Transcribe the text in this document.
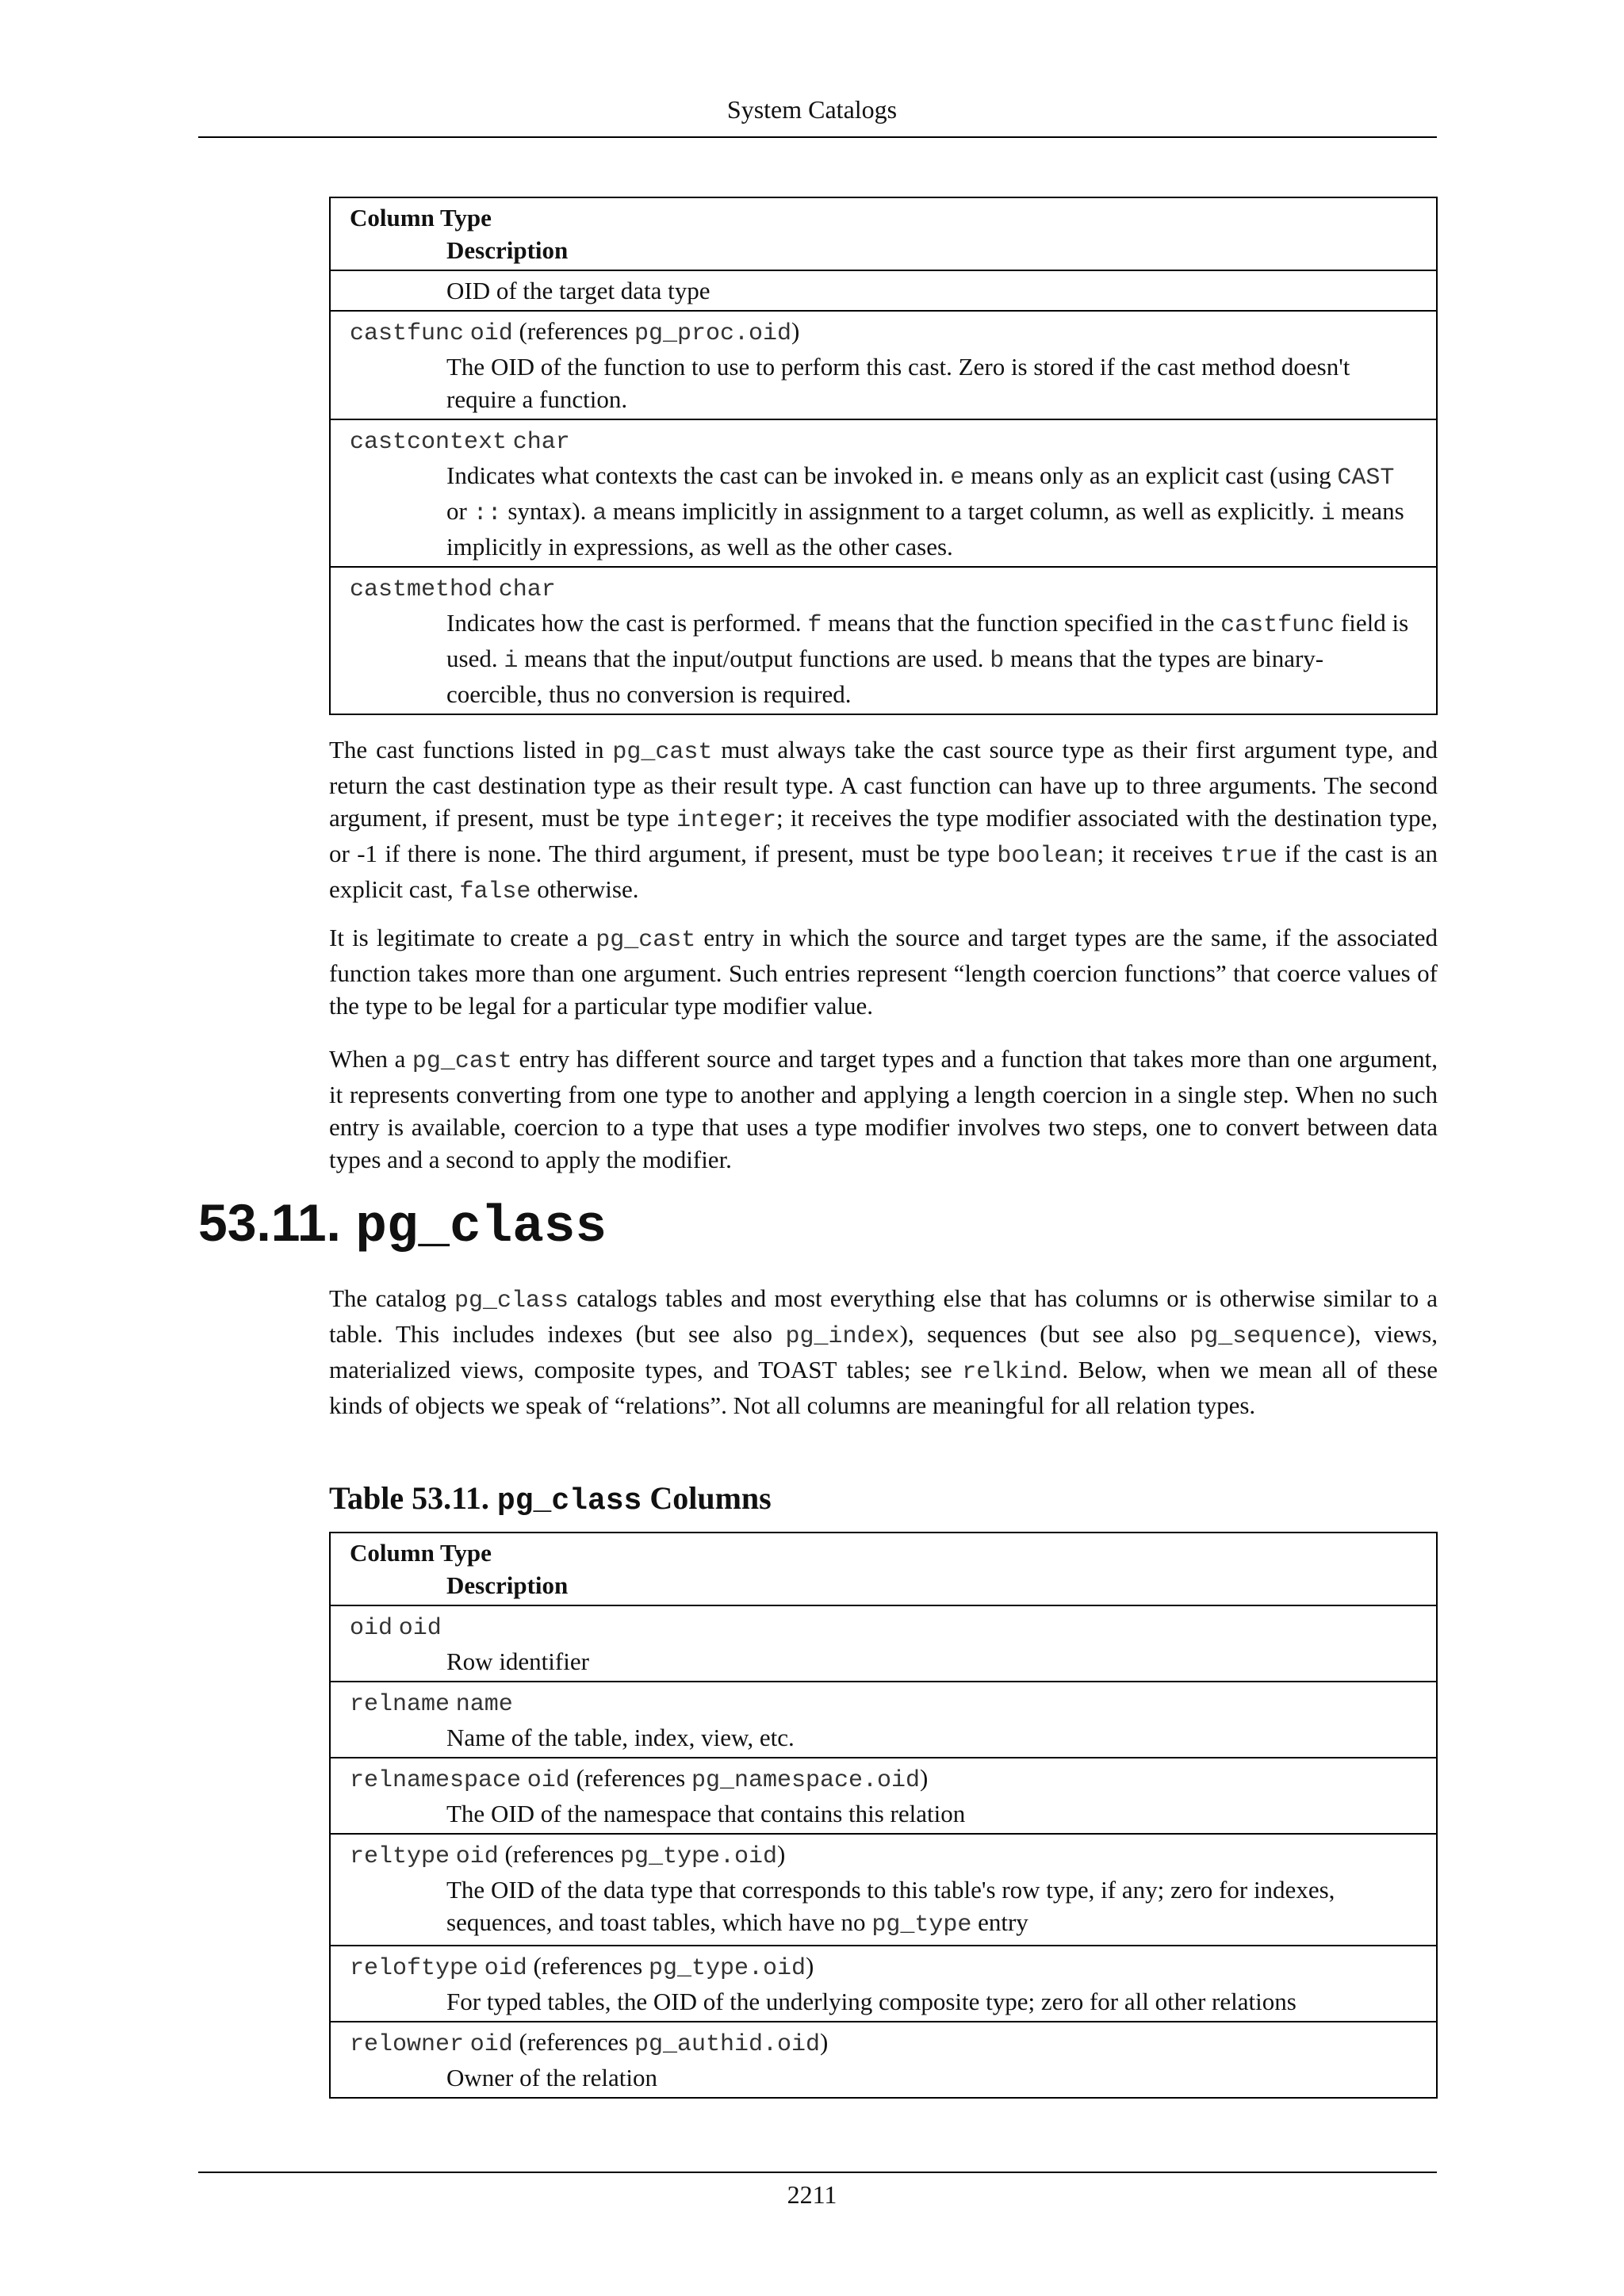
System Catalogs
Column Type
Description

OID of the target data type

castfunc oid (references pg_proc.oid)
The OID of the function to use to perform this cast. Zero is stored if the cast method doesn't require a function.

castcontext char
Indicates what contexts the cast can be invoked in. e means only as an explicit cast (using CAST or :: syntax). a means implicitly in assignment to a target column, as well as explicitly. i means implicitly in expressions, as well as the other cases.

castmethod char
Indicates how the cast is performed. f means that the function specified in the castfunc field is used. i means that the input/output functions are used. b means that the types are binary-coercible, thus no conversion is required.

The cast functions listed in pg_cast must always take the cast source type as their first argument type, and return the cast destination type as their result type. A cast function can have up to three arguments. The second argument, if present, must be type integer; it receives the type modifier associated with the destination type, or -1 if there is none. The third argument, if present, must be type boolean; it receives true if the cast is an explicit cast, false otherwise.

It is legitimate to create a pg_cast entry in which the source and target types are the same, if the associated function takes more than one argument. Such entries represent “length coercion functions” that coerce values of the type to be legal for a particular type modifier value.

When a pg_cast entry has different source and target types and a function that takes more than one argument, it represents converting from one type to another and applying a length coercion in a single step. When no such entry is available, coercion to a type that uses a type modifier involves two steps, one to convert between data types and a second to apply the modifier.

53.11. pg_class

The catalog pg_class catalogs tables and most everything else that has columns or is otherwise similar to a table. This includes indexes (but see also pg_index), sequences (but see also pg_sequence), views, materialized views, composite types, and TOAST tables; see relkind. Below, when we mean all of these kinds of objects we speak of “relations”. Not all columns are meaningful for all relation types.

Table 53.11. pg_class Columns
Column Type
Description

oid oid
Row identifier

relname name
Name of the table, index, view, etc.

relnamespace oid (references pg_namespace.oid)
The OID of the namespace that contains this relation

reltype oid (references pg_type.oid)
The OID of the data type that corresponds to this table's row type, if any; zero for indexes, sequences, and toast tables, which have no pg_type entry

reloftype oid (references pg_type.oid)
For typed tables, the OID of the underlying composite type; zero for all other relations

relowner oid (references pg_authid.oid)
Owner of the relation
2211
